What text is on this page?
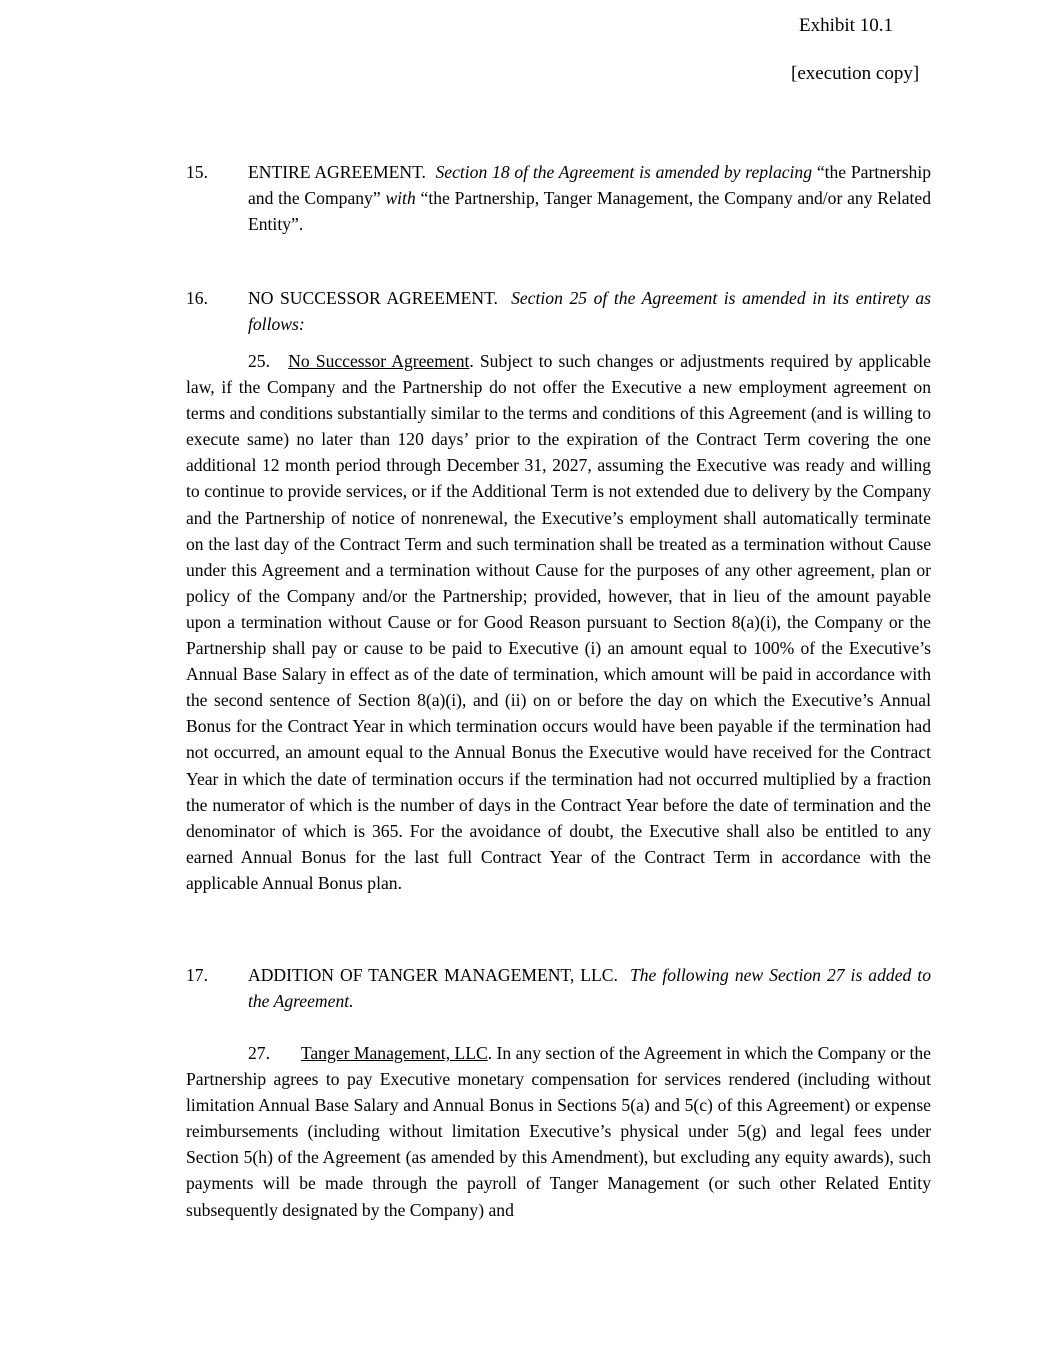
Exhibit 10.1
[execution copy]
15. ENTIRE AGREEMENT. Section 18 of the Agreement is amended by replacing “the Partnership and the Company” with “the Partnership, Tanger Management, the Company and/or any Related Entity”.
16. NO SUCCESSOR AGREEMENT. Section 25 of the Agreement is amended in its entirety as follows:
25. No Successor Agreement. Subject to such changes or adjustments required by applicable law, if the Company and the Partnership do not offer the Executive a new employment agreement on terms and conditions substantially similar to the terms and conditions of this Agreement (and is willing to execute same) no later than 120 days’ prior to the expiration of the Contract Term covering the one additional 12 month period through December 31, 2027, assuming the Executive was ready and willing to continue to provide services, or if the Additional Term is not extended due to delivery by the Company and the Partnership of notice of nonrenewal, the Executive’s employment shall automatically terminate on the last day of the Contract Term and such termination shall be treated as a termination without Cause under this Agreement and a termination without Cause for the purposes of any other agreement, plan or policy of the Company and/or the Partnership; provided, however, that in lieu of the amount payable upon a termination without Cause or for Good Reason pursuant to Section 8(a)(i), the Company or the Partnership shall pay or cause to be paid to Executive (i) an amount equal to 100% of the Executive’s Annual Base Salary in effect as of the date of termination, which amount will be paid in accordance with the second sentence of Section 8(a)(i), and (ii) on or before the day on which the Executive’s Annual Bonus for the Contract Year in which termination occurs would have been payable if the termination had not occurred, an amount equal to the Annual Bonus the Executive would have received for the Contract Year in which the date of termination occurs if the termination had not occurred multiplied by a fraction the numerator of which is the number of days in the Contract Year before the date of termination and the denominator of which is 365. For the avoidance of doubt, the Executive shall also be entitled to any earned Annual Bonus for the last full Contract Year of the Contract Term in accordance with the applicable Annual Bonus plan.
17. ADDITION OF TANGER MANAGEMENT, LLC. The following new Section 27 is added to the Agreement.
27. Tanger Management, LLC. In any section of the Agreement in which the Company or the Partnership agrees to pay Executive monetary compensation for services rendered (including without limitation Annual Base Salary and Annual Bonus in Sections 5(a) and 5(c) of this Agreement) or expense reimbursements (including without limitation Executive’s physical under 5(g) and legal fees under Section 5(h) of the Agreement (as amended by this Amendment), but excluding any equity awards), such payments will be made through the payroll of Tanger Management (or such other Related Entity subsequently designated by the Company) and
